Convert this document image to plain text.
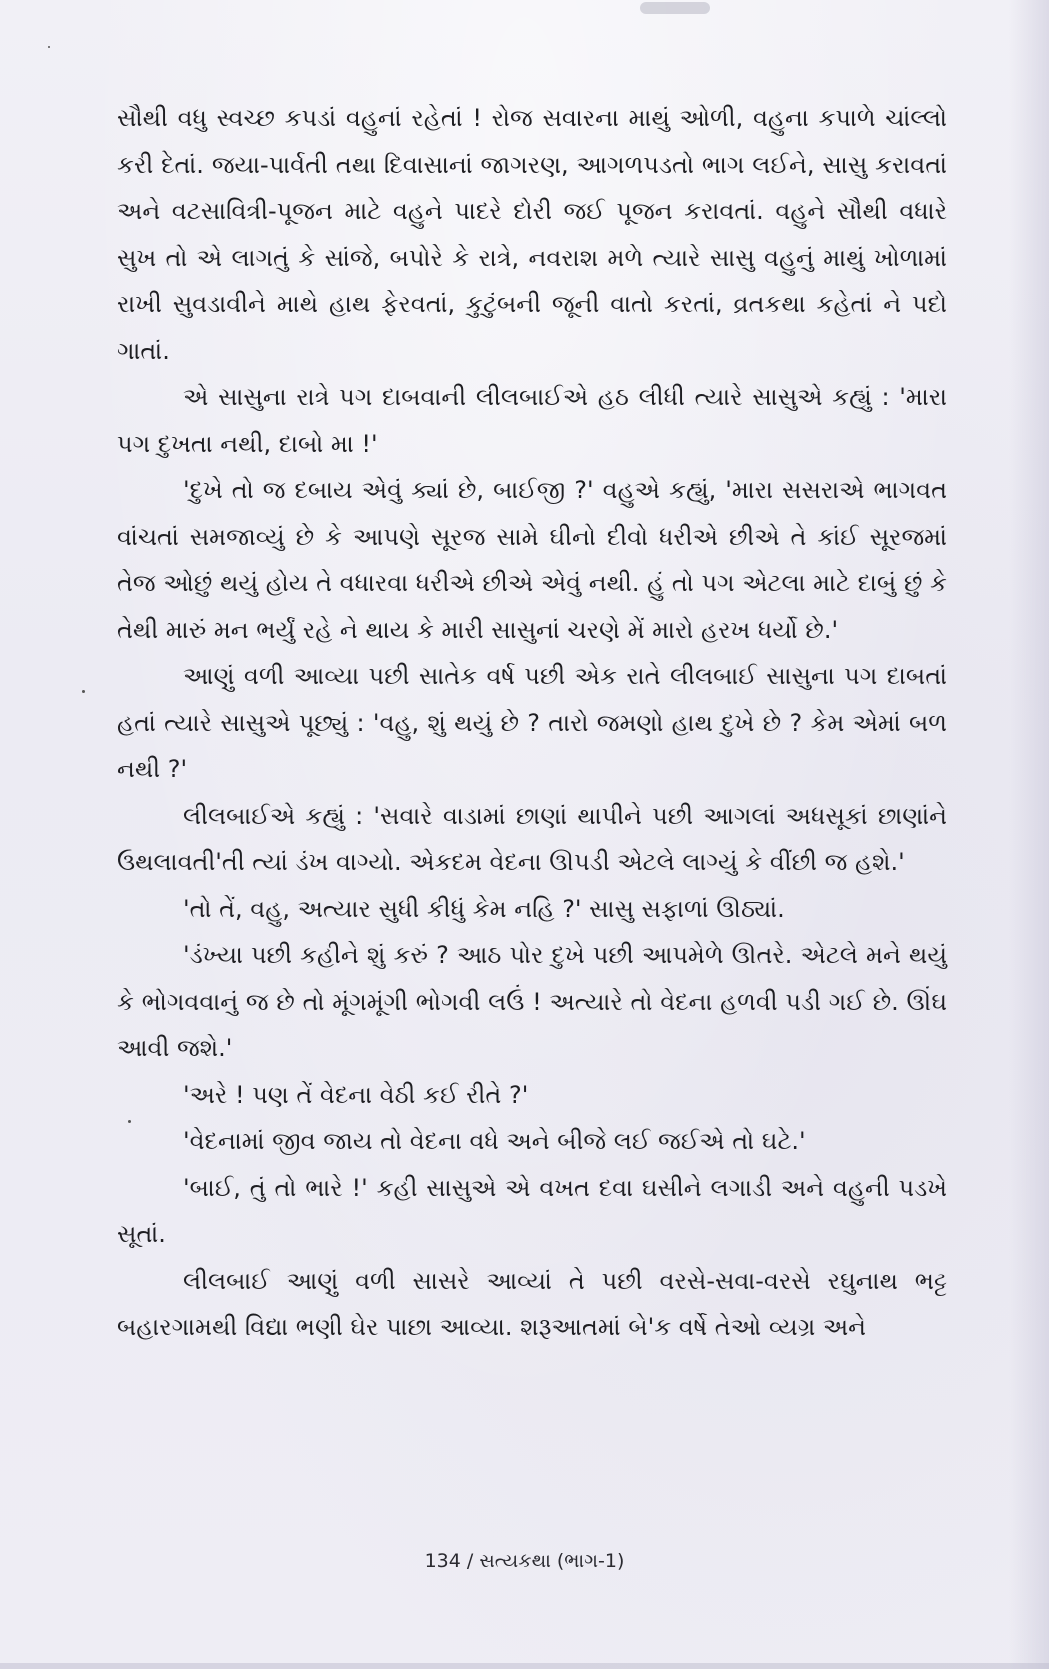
સૌથી વધુ સ્વચ્છ કપડાં વહુનાં રહેતાં ! રોજ સવારના માથું ઓળી, વહુના કપાળે ચાંલ્લો કરી દેતાં. જયા-પાર્વતી તથા દિવાસાનાં જાગરણ, આગળપડતો ભાગ લઈને, સાસુ કરાવતાં અને વટસાવિત્રી-પૂજન માટે વહુને પાદરે દોરી જઈ પૂજન કરાવતાં. વહુને સૌથી વધારે સુખ તો એ લાગતું કે સાંજે, બપોરે કે રાત્રે, નવરાશ મળે ત્યારે સાસુ વહુનું માથું ખોળામાં રાખી સુવડાવીને માથે હાથ ફેરવતાં, કુટુંબની જૂની વાતો કરતાં, વ્રતકથા કહેતાં ને પદો ગાતાં.

એ સાસુના રાત્રે પગ દાબવાની લીલબાઈએ હઠ લીધી ત્યારે સાસુએ કહ્યું : 'મારા પગ દુખતા નથી, દાબો મા !'

'દુખે તો જ દબાય એવું ક્યાં છે, બાઈજી ?' વહુએ કહ્યું, 'મારા સસરાએ ભાગવત વાંચતાં સમજાવ્યું છે કે આપણે સૂરજ સામે ઘીનો દીવો ધરીએ છીએ તે કાંઈ સૂરજમાં તેજ ઓછું થયું હોય તે વધારવા ધરીએ છીએ એવું નથી. હું તો પગ એટલા માટે દાબું છું કે તેથી મારું મન ભર્યું રહે ને થાય કે મારી સાસુનાં ચરણે મેં મારો હરખ ધર્યો છે.'

આણું વળી આવ્યા પછી સાતેક વર્ષ પછી એક રાતે લીલબાઈ સાસુના પગ દાબતાં હતાં ત્યારે સાસુએ પૂછ્યું : 'વહુ, શું થયું છે ? તારો જમણો હાથ દુખે છે ? કેમ એમાં બળ નથી ?'

લીલબાઈએ કહ્યું : 'સવારે વાડામાં છાણાં થાપીને પછી આગલાં અધસૂકાં છાણાંને ઉથલાવતી'તી ત્યાં ડંખ વાગ્યો. એકદમ વેદના ઊપડી એટલે લાગ્યું કે વીંછી જ હશે.'

'તો તેં, વહુ, અત્યાર સુધી કીધું કેમ નહિ ?' સાસુ સફાળાં ઊઠ્યાં.

'ડંખ્યા પછી કહીને શું કરું ? આઠ પોર દુખે પછી આપમેળે ઊતરે. એટલે મને થયું કે ભોગવવાનું જ છે તો મૂંગમૂંગી ભોગવી લઉં ! અત્યારે તો વેદના હળવી પડી ગઈ છે. ઊંઘ આવી જશે.'

'અરે ! પણ તેં વેદના વેઠી કઈ રીતે ?'

'વેદનામાં જીવ જાય તો વેદના વધે અને બીજે લઈ જઈએ તો ઘટે.'

'બાઈ, તું તો ભારે !' કહી સાસુએ એ વખત દવા ઘસીને લગાડી અને વહુની પડખે સૂતાં.

લીલબાઈ આણું વળી સાસરે આવ્યાં તે પછી વરસે-સવા-વરસે રઘુનાથ ભટ્ટ બહારગામથી વિદ્યા ભણી ઘેર પાછા આવ્યા. શરૂઆતમાં બે'ક વર્ષે તેઓ વ્યગ્ર અને

134 / સત્યકથા (ભાગ-1)
